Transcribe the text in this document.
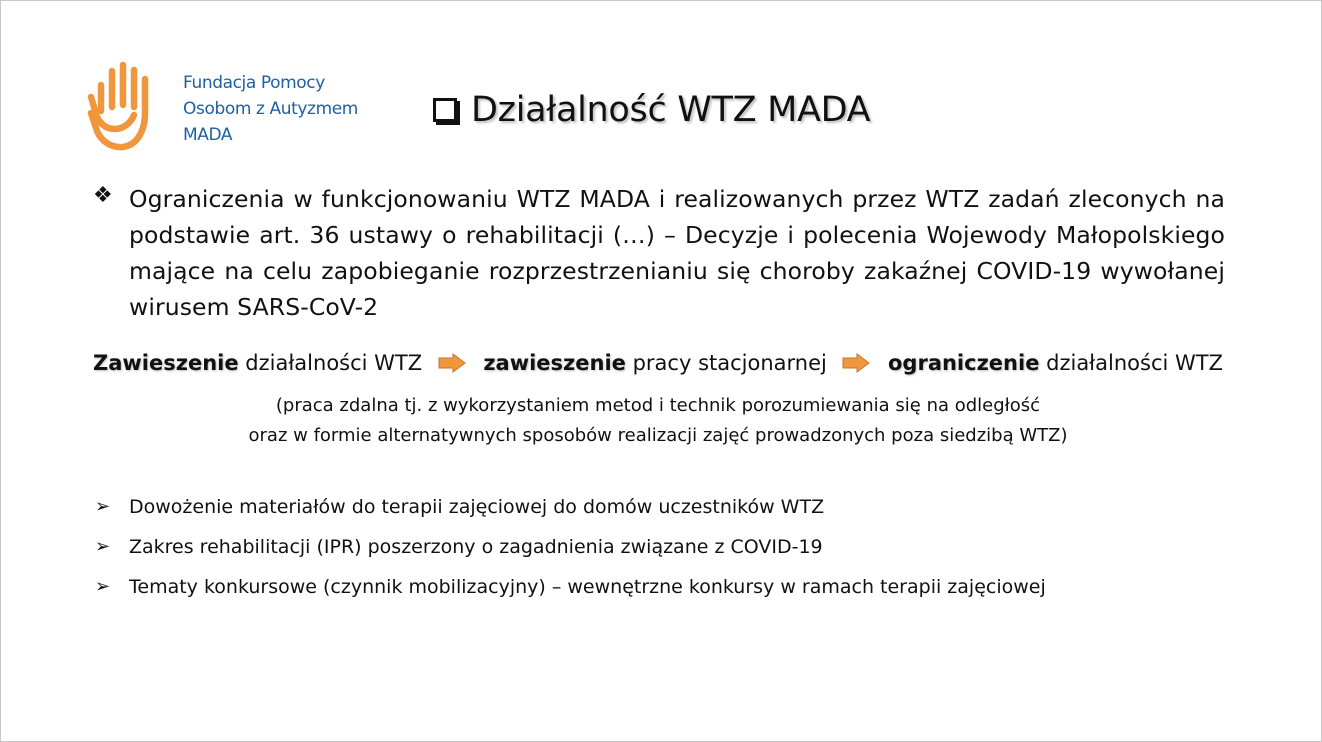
Fundacja Pomocy
Osobom z Autyzmem
MADA
Działalność WTZ MADA
❖ Ograniczenia w funkcjonowaniu WTZ MADA i realizowanych przez WTZ zadań zleconych na podstawie art. 36 ustawy o rehabilitacji (…) – Decyzje i polecenia Wojewody Małopolskiego mające na celu zapobieganie rozprzestrzenianiu się choroby zakaźnej COVID-19 wywołanej wirusem SARS-CoV-2

Zawieszenie działalności WTZ	zawieszenie pracy stacjonarnej	ograniczenie działalności WTZ
(praca zdalna tj. z wykorzystaniem metod i technik porozumiewania się na odległość
oraz w formie alternatywnych sposobów realizacji zajęć prowadzonych poza siedzibą WTZ)
➢ Dowożenie materiałów do terapii zajęciowej do domów uczestników WTZ
➢ Zakres rehabilitacji (IPR) poszerzony o zagadnienia związane z COVID-19
➢ Tematy konkursowe (czynnik mobilizacyjny) – wewnętrzne konkursy w ramach terapii zajęciowej
